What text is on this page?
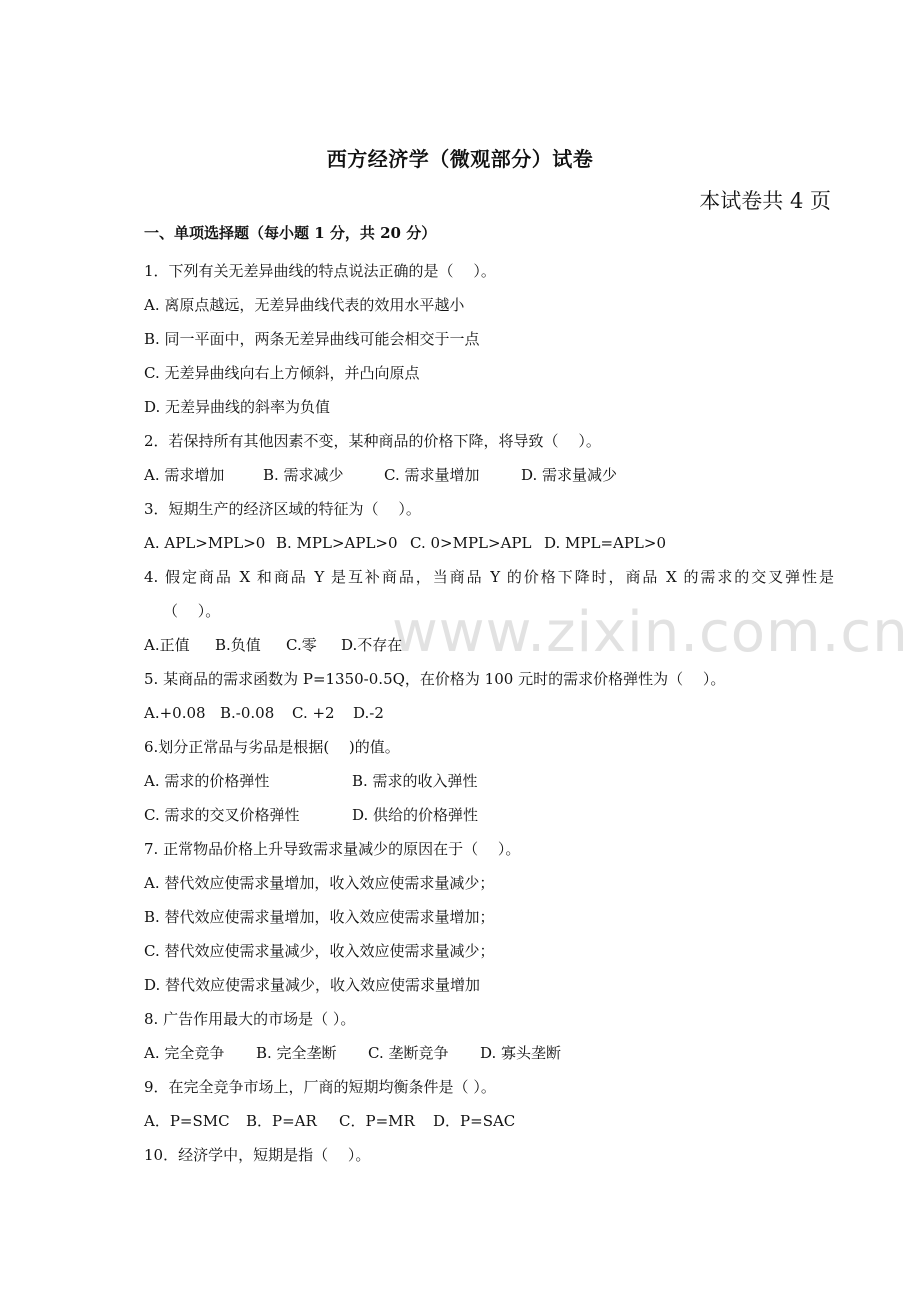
www.zixin.com.cn
西方经济学（微观部分）试卷
本试卷共 4 页
一、单项选择题（每小题 1 分，共 20 分）
1．下列有关无差异曲线的特点说法正确的是（　 ）。
A. 离原点越远，无差异曲线代表的效用水平越小
B. 同一平面中，两条无差异曲线可能会相交于一点
C. 无差异曲线向右上方倾斜，并凸向原点
D. 无差异曲线的斜率为负值
2．若保持所有其他因素不变，某种商品的价格下降，将导致（　 ）。
A. 需求增加	B. 需求减少	C. 需求量增加	D. 需求量减少
3．短期生产的经济区域的特征为（　 ）。
A. APL>MPL>0 B. MPL>APL>0 C. 0>MPL>APL D. MPL=APL>0
4. 假定商品 X 和商品 Y 是互补商品，当商品 Y 的价格下降时，商品 X 的需求的交叉弹性是
（　 ）。
A.正值 B.负值 C.零 D.不存在
5. 某商品的需求函数为 P=1350-0.5Q，在价格为 100 元时的需求价格弹性为（　 ）。
A.+0.08 B.-0.08 C. +2 D.-2
6.划分正常品与劣品是根据(　 )的值。
A. 需求的价格弹性	B. 需求的收入弹性
C. 需求的交叉价格弹性	D. 供给的价格弹性
7. 正常物品价格上升导致需求量减少的原因在于（　 ）。
A. 替代效应使需求量增加，收入效应使需求量减少；
B. 替代效应使需求量增加，收入效应使需求量增加；
C. 替代效应使需求量减少，收入效应使需求量减少；
D. 替代效应使需求量减少，收入效应使需求量增加
8. 广告作用最大的市场是（ ）。
A. 完全竞争 B. 完全垄断 C. 垄断竞争 D. 寡头垄断
9．在完全竞争市场上，厂商的短期均衡条件是（ ）。
A．P=SMC B．P=AR C．P=MR D．P=SAC
10．经济学中，短期是指（　 ）。
